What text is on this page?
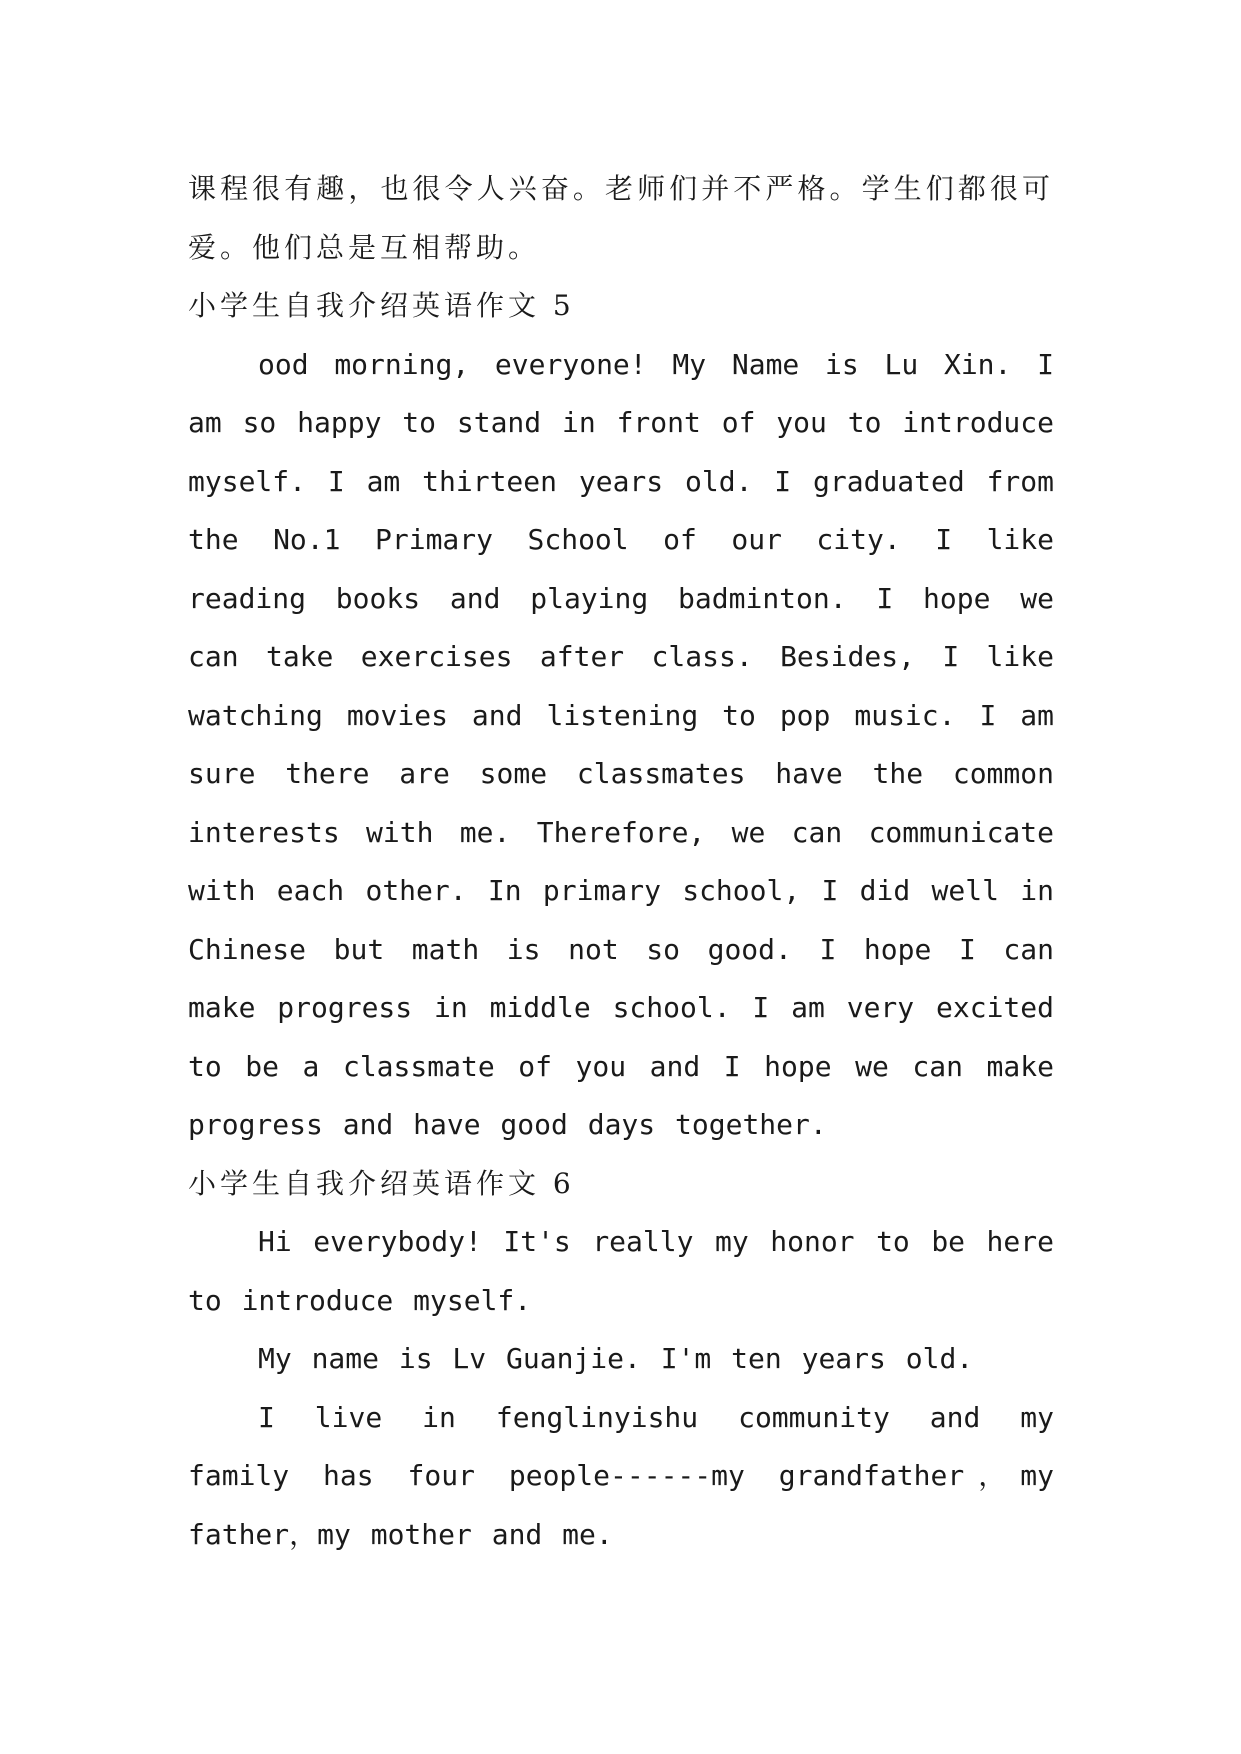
课程很有趣，也很令人兴奋。老师们并不严格。学生们都很可爱。他们总是互相帮助。

小学生自我介绍英语作文 5

ood morning, everyone! My Name is Lu Xin. I am so happy to stand in front of you to introduce myself. I am thirteen years old. I graduated from the No.1 Primary School of our city. I like reading books and playing badminton. I hope we can take exercises after class. Besides, I like watching movies and listening to pop music. I am sure there are some classmates have the common interests with me. Therefore, we can communicate with each other. In primary school, I did well in Chinese but math is not so good. I hope I can make progress in middle school. I am very excited to be a classmate of you and I hope we can make progress and have good days together.

小学生自我介绍英语作文 6

Hi everybody! It's really my honor to be here to introduce myself.

My name is Lv Guanjie. I'm ten years old.

I live in fenglinyishu community and my family has four people------my grandfather，my father，my mother and me.
